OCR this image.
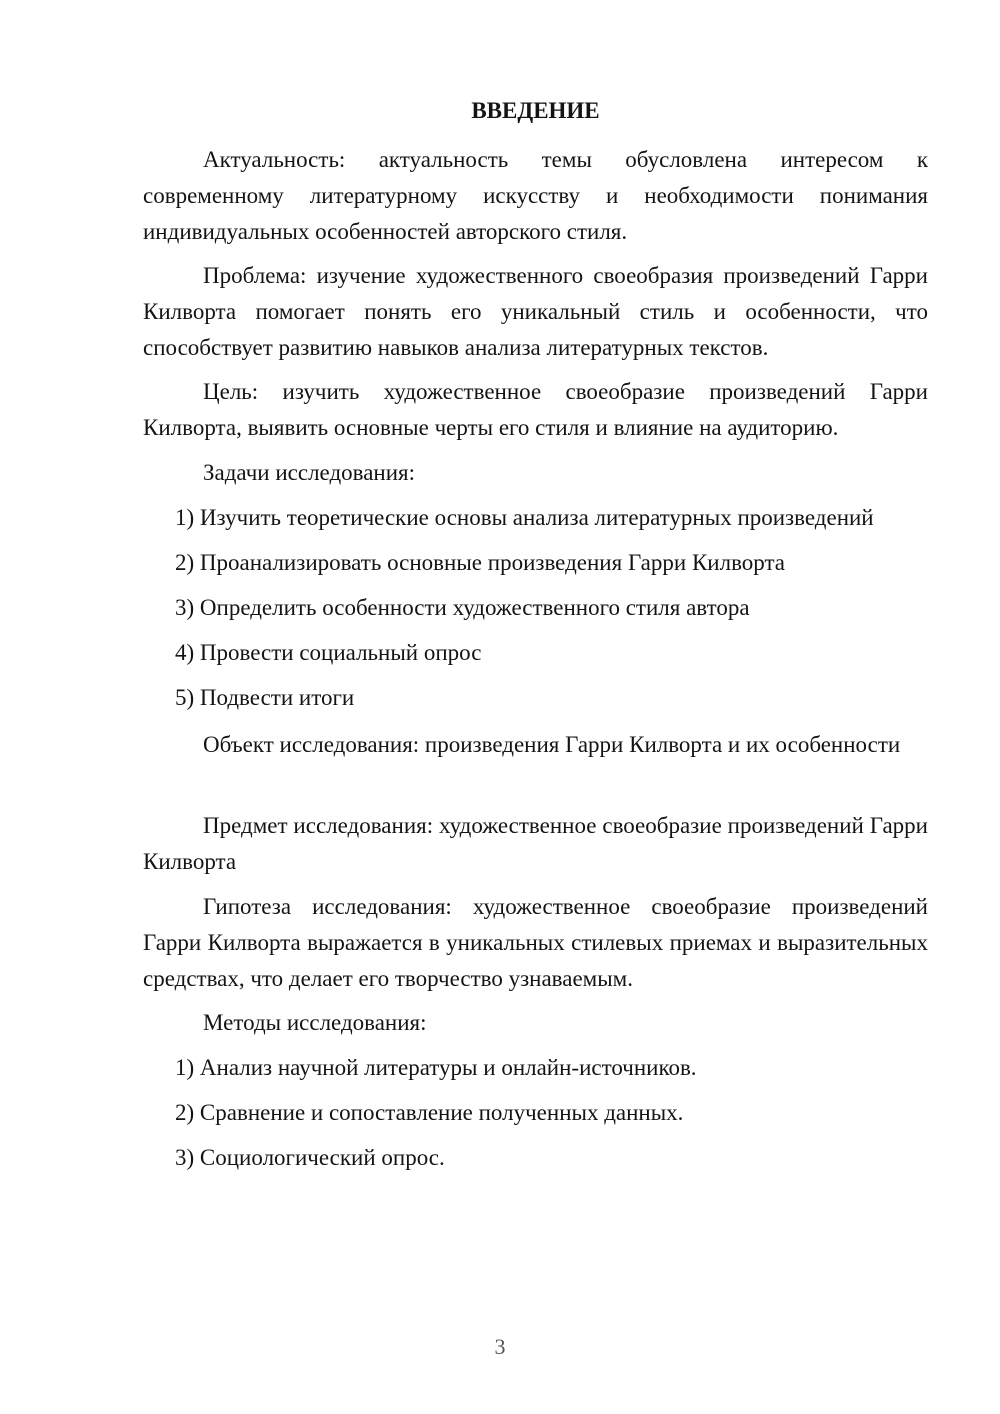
ВВЕДЕНИЕ

Актуальность: актуальность темы обусловлена интересом к современному литературному искусству и необходимости понимания индивидуальных особенностей авторского стиля.

Проблема: изучение художественного своеобразия произведений Гарри Килворта помогает понять его уникальный стиль и особенности, что способствует развитию навыков анализа литературных текстов.

Цель: изучить художественное своеобразие произведений Гарри Килворта, выявить основные черты его стиля и влияние на аудиторию.

Задачи исследования:
1) Изучить теоретические основы анализа литературных произведений
2) Проанализировать основные произведения Гарри Килворта
3) Определить особенности художественного стиля автора
4) Провести социальный опрос
5) Подвести итоги

Объект исследования: произведения Гарри Килворта и их особенности

Предмет исследования: художественное своеобразие произведений Гарри Килворта

Гипотеза исследования: художественное своеобразие произведений Гарри Килворта выражается в уникальных стилевых приемах и выразительных средствах, что делает его творчество узнаваемым.

Методы исследования:
1) Анализ научной литературы и онлайн-источников.
2) Сравнение и сопоставление полученных данных.
3) Социологический опрос.
3
